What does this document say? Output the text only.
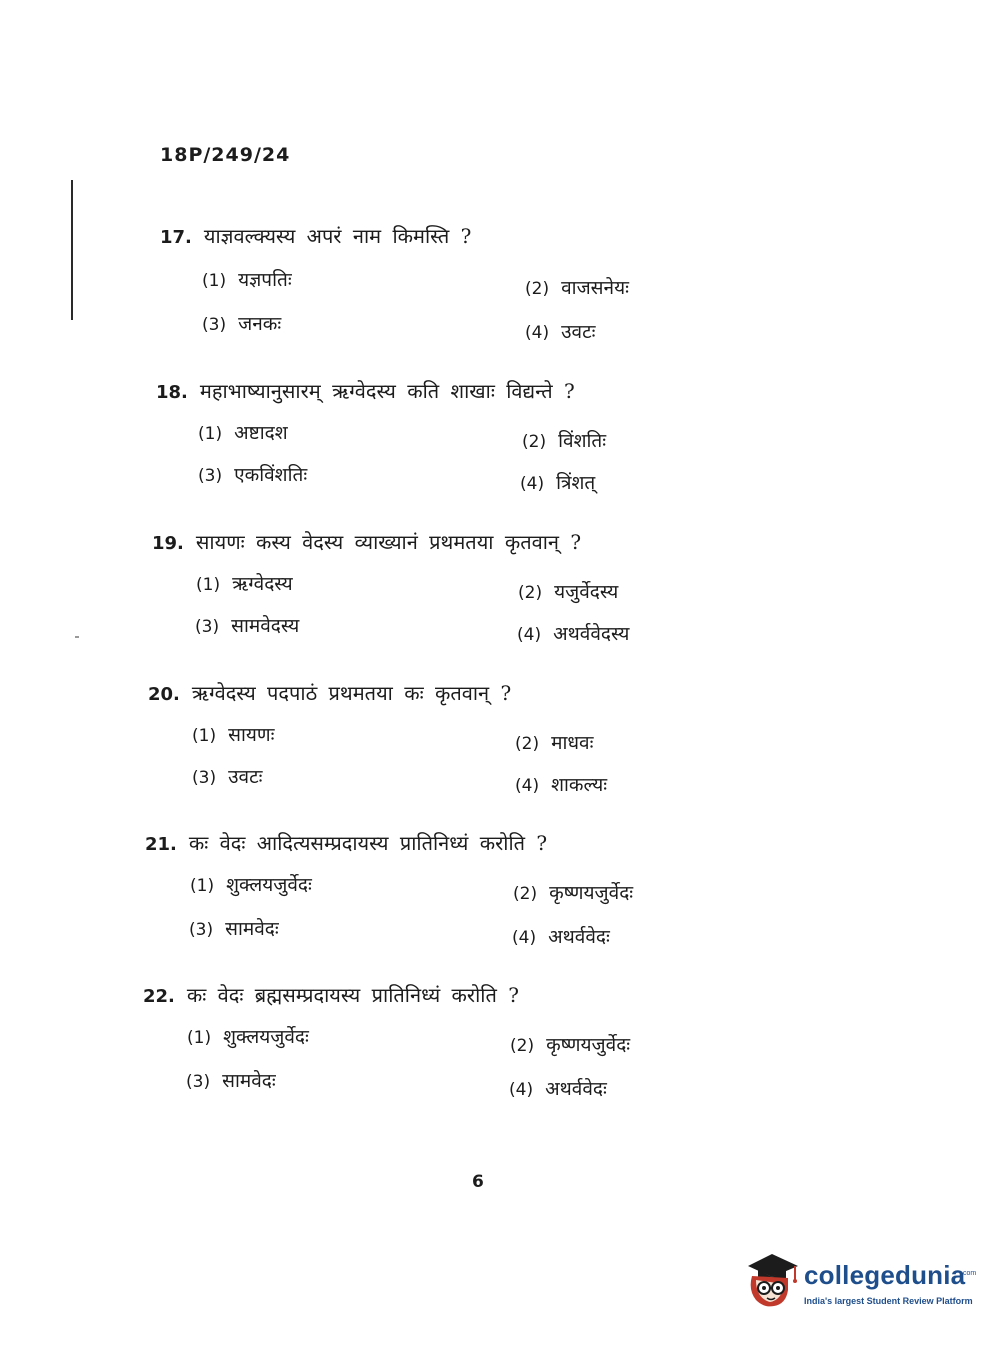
18P/249/24
17. याज्ञवल्क्यस्य अपरं नाम किमस्ति ?
(1) यज्ञपतिः	(2) वाजसनेयः
(3) जनकः	(4) उवटः
18. महाभाष्यानुसारम् ऋग्वेदस्य कति शाखाः विद्यन्ते ?
(1) अष्टादश	(2) विंशतिः
(3) एकविंशतिः	(4) त्रिंशत्
19. सायणः कस्य वेदस्य व्याख्यानं प्रथमतया कृतवान् ?
(1) ऋग्वेदस्य	(2) यजुर्वेदस्य
(3) सामवेदस्य	(4) अथर्ववेदस्य
20. ऋग्वेदस्य पदपाठं प्रथमतया कः कृतवान् ?
(1) सायणः	(2) माधवः
(3) उवटः	(4) शाकल्यः
21. कः वेदः आदित्यसम्प्रदायस्य प्रातिनिध्यं करोति ?
(1) शुक्लयजुर्वेदः	(2) कृष्णयजुर्वेदः
(3) सामवेदः	(4) अथर्ववेदः
22. कः वेदः ब्रह्मसम्प्रदायस्य प्रातिनिध्यं करोति ?
(1) शुक्लयजुर्वेदः	(2) कृष्णयजुर्वेदः
(3) सामवेदः	(4) अथर्ववेदः
6
collegedunia
.com
India's largest Student Review Platform
